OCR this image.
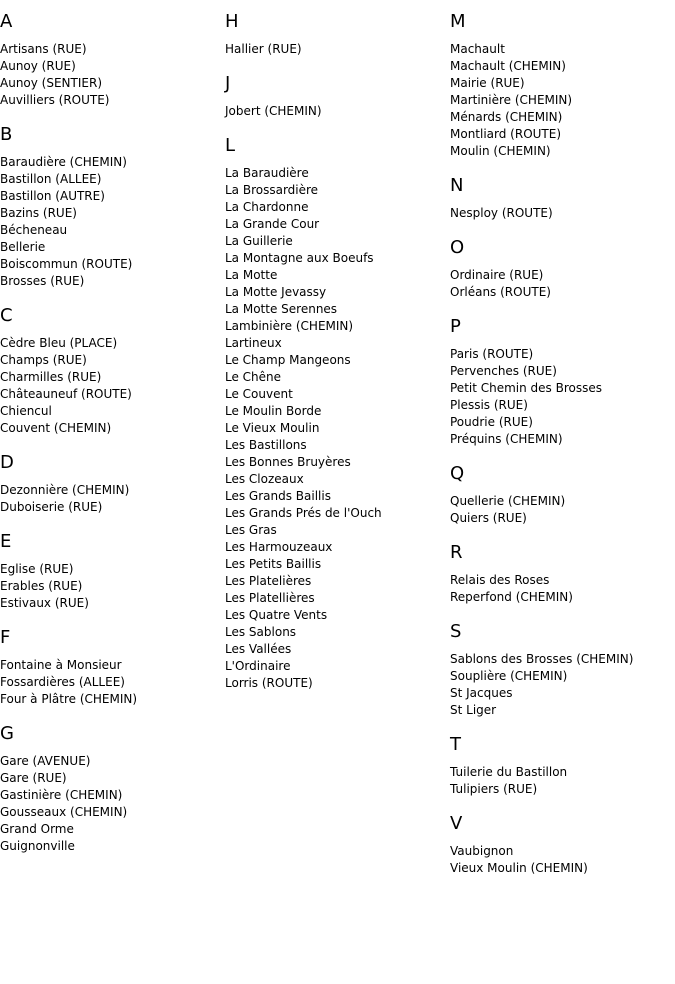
A
Artisans (RUE)
Aunoy (RUE)
Aunoy (SENTIER)
Auvilliers (ROUTE)
B
Baraudière (CHEMIN)
Bastillon (ALLEE)
Bastillon (AUTRE)
Bazins (RUE)
Bécheneau
Bellerie
Boiscommun (ROUTE)
Brosses (RUE)
C
Cèdre Bleu (PLACE)
Champs (RUE)
Charmilles (RUE)
Châteauneuf (ROUTE)
Chiencul
Couvent (CHEMIN)
D
Dezonnière (CHEMIN)
Duboiserie (RUE)
E
Eglise (RUE)
Erables (RUE)
Estivaux (RUE)
F
Fontaine à Monsieur
Fossardières (ALLEE)
Four à Plâtre (CHEMIN)
G
Gare (AVENUE)
Gare (RUE)
Gastinière (CHEMIN)
Gousseaux (CHEMIN)
Grand Orme
Guignonville
H
Hallier (RUE)
J
Jobert (CHEMIN)
L
La Baraudière
La Brossardière
La Chardonne
La Grande Cour
La Guillerie
La Montagne aux Boeufs
La Motte
La Motte Jevassy
La Motte Serennes
Lambinière (CHEMIN)
Lartineux
Le Champ Mangeons
Le Chêne
Le Couvent
Le Moulin Borde
Le Vieux Moulin
Les Bastillons
Les Bonnes Bruyères
Les Clozeaux
Les Grands Baillis
Les Grands Prés de l'Ouch
Les Gras
Les Harmouzeaux
Les Petits Baillis
Les Platelières
Les Platellières
Les Quatre Vents
Les Sablons
Les Vallées
L'Ordinaire
Lorris (ROUTE)
M
Machault
Machault (CHEMIN)
Mairie (RUE)
Martinière (CHEMIN)
Ménards (CHEMIN)
Montliard (ROUTE)
Moulin (CHEMIN)
N
Nesploy (ROUTE)
O
Ordinaire (RUE)
Orléans (ROUTE)
P
Paris (ROUTE)
Pervenches (RUE)
Petit Chemin des Brosses
Plessis (RUE)
Poudrie (RUE)
Préquins (CHEMIN)
Q
Quellerie (CHEMIN)
Quiers (RUE)
R
Relais des Roses
Reperfond (CHEMIN)
S
Sablons des Brosses (CHEMIN)
Souplière (CHEMIN)
St Jacques
St Liger
T
Tuilerie du Bastillon
Tulipiers (RUE)
V
Vaubignon
Vieux Moulin (CHEMIN)
